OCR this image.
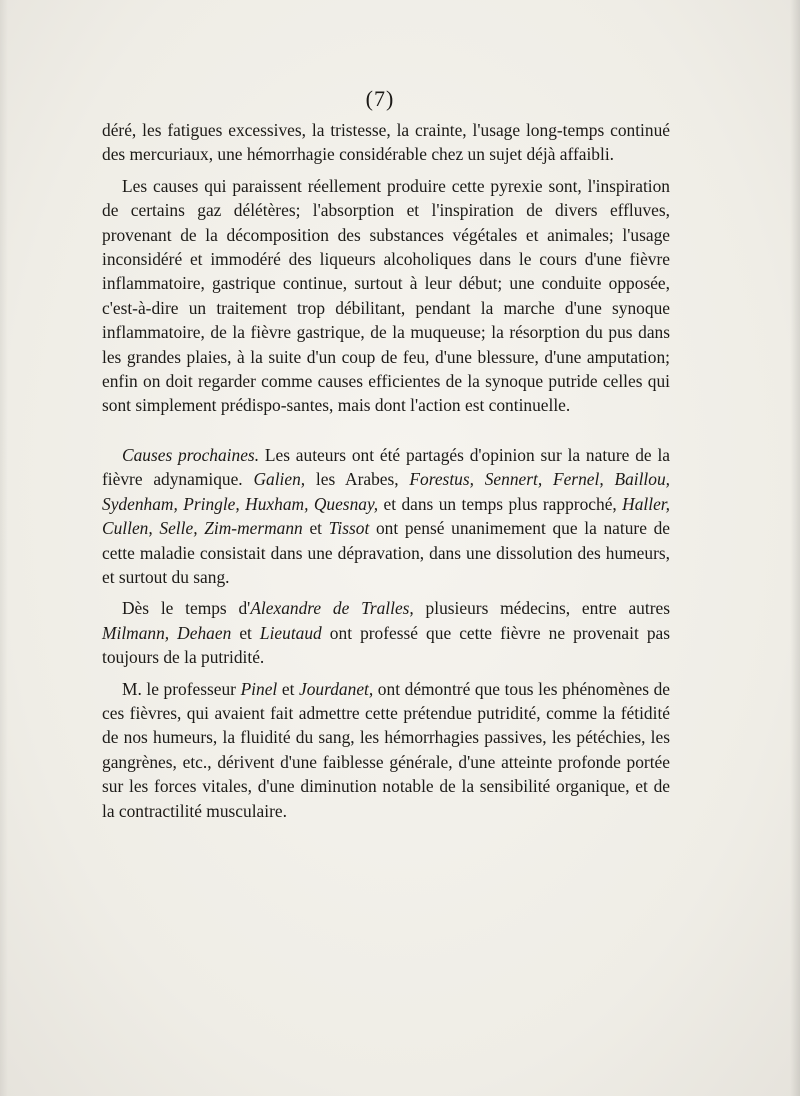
(7)

déré, les fatigues excessives, la tristesse, la crainte, l'usage long-temps continué des mercuriaux, une hémorrhagie considérable chez un sujet déjà affaibli.

Les causes qui paraissent réellement produire cette pyrexie sont, l'inspiration de certains gaz délétères; l'absorption et l'inspiration de divers effluves, provenant de la décomposition des substances végétales et animales; l'usage inconsidéré et immodéré des liqueurs alcoholiques dans le cours d'une fièvre inflammatoire, gastrique continue, surtout à leur début; une conduite opposée, c'est-à-dire un traitement trop débilitant, pendant la marche d'une synoque inflammatoire, de la fièvre gastrique, de la muqueuse; la résorption du pus dans les grandes plaies, à la suite d'un coup de feu, d'une blessure, d'une amputation; enfin on doit regarder comme causes efficientes de la synoque putride celles qui sont simplement prédispo-santes, mais dont l'action est continuelle.

Causes prochaines. Les auteurs ont été partagés d'opinion sur la nature de la fièvre adynamique. Galien, les Arabes, Forestus, Sennert, Fernel, Baillou, Sydenham, Pringle, Huxham, Quesnay, et dans un temps plus rapproché, Haller, Cullen, Selle, Zim-mermann et Tissot ont pensé unanimement que la nature de cette maladie consistait dans une dépravation, dans une dissolution des humeurs, et surtout du sang.

Dès le temps d'Alexandre de Tralles, plusieurs médecins, entre autres Milmann, Dehaen et Lieutaud ont professé que cette fièvre ne provenait pas toujours de la putridité.

M. le professeur Pinel et Jourdanet, ont démontré que tous les phénomènes de ces fièvres, qui avaient fait admettre cette prétendue putridité, comme la fétidité de nos humeurs, la fluidité du sang, les hémorrhagies passives, les pétéchies, les gangrènes, etc., dérivent d'une faiblesse générale, d'une atteinte profonde portée sur les forces vitales, d'une diminution notable de la sensibilité organique, et de la contractilité musculaire.
